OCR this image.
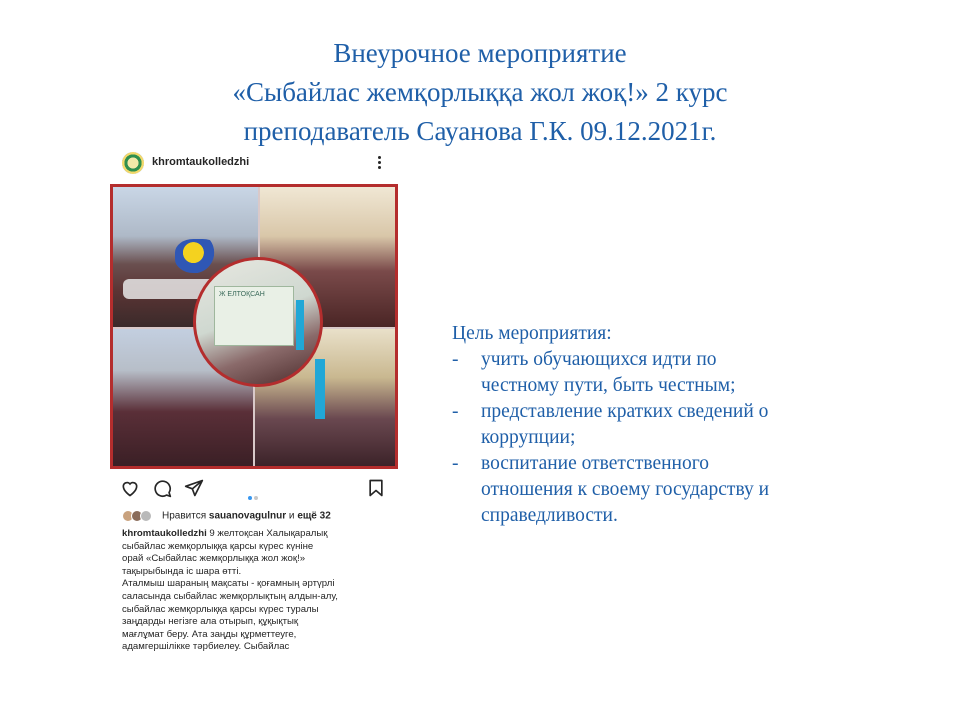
Внеурочное мероприятие
«Сыбайлас жемқорлыққа жол жоқ!» 2 курс
преподаватель Сауанова Г.К. 09.12.2021г.
khromtaukolledzhi
Ж ЕЛТОҚСАН
Нравится sauanovagulnur и ещё 32
khromtaukolledzhi 9 желтоқсан Халықаралық
сыбайлас жемқорлыққа қарсы күрес күніне
орай «Сыбайлас жемқорлыққа жол жоқ!»
тақырыбында іс шара өтті.
Аталмыш шараның мақсаты - қоғамның әртүрлі
саласында сыбайлас жемқорлықтың алдын-алу,
сыбайлас жемқорлыққа қарсы күрес туралы
заңдарды негізге ала отырып, құқықтық
мағлұмат беру. Ата заңды құрметтеуге,
адамгершілікке тәрбиелеу. Сыбайлас
Цель мероприятия:
- учить обучающихся идти по
честному пути, быть честным;
- представление кратких сведений о
коррупции;
- воспитание ответственного
отношения к своему государству и
справедливости.
